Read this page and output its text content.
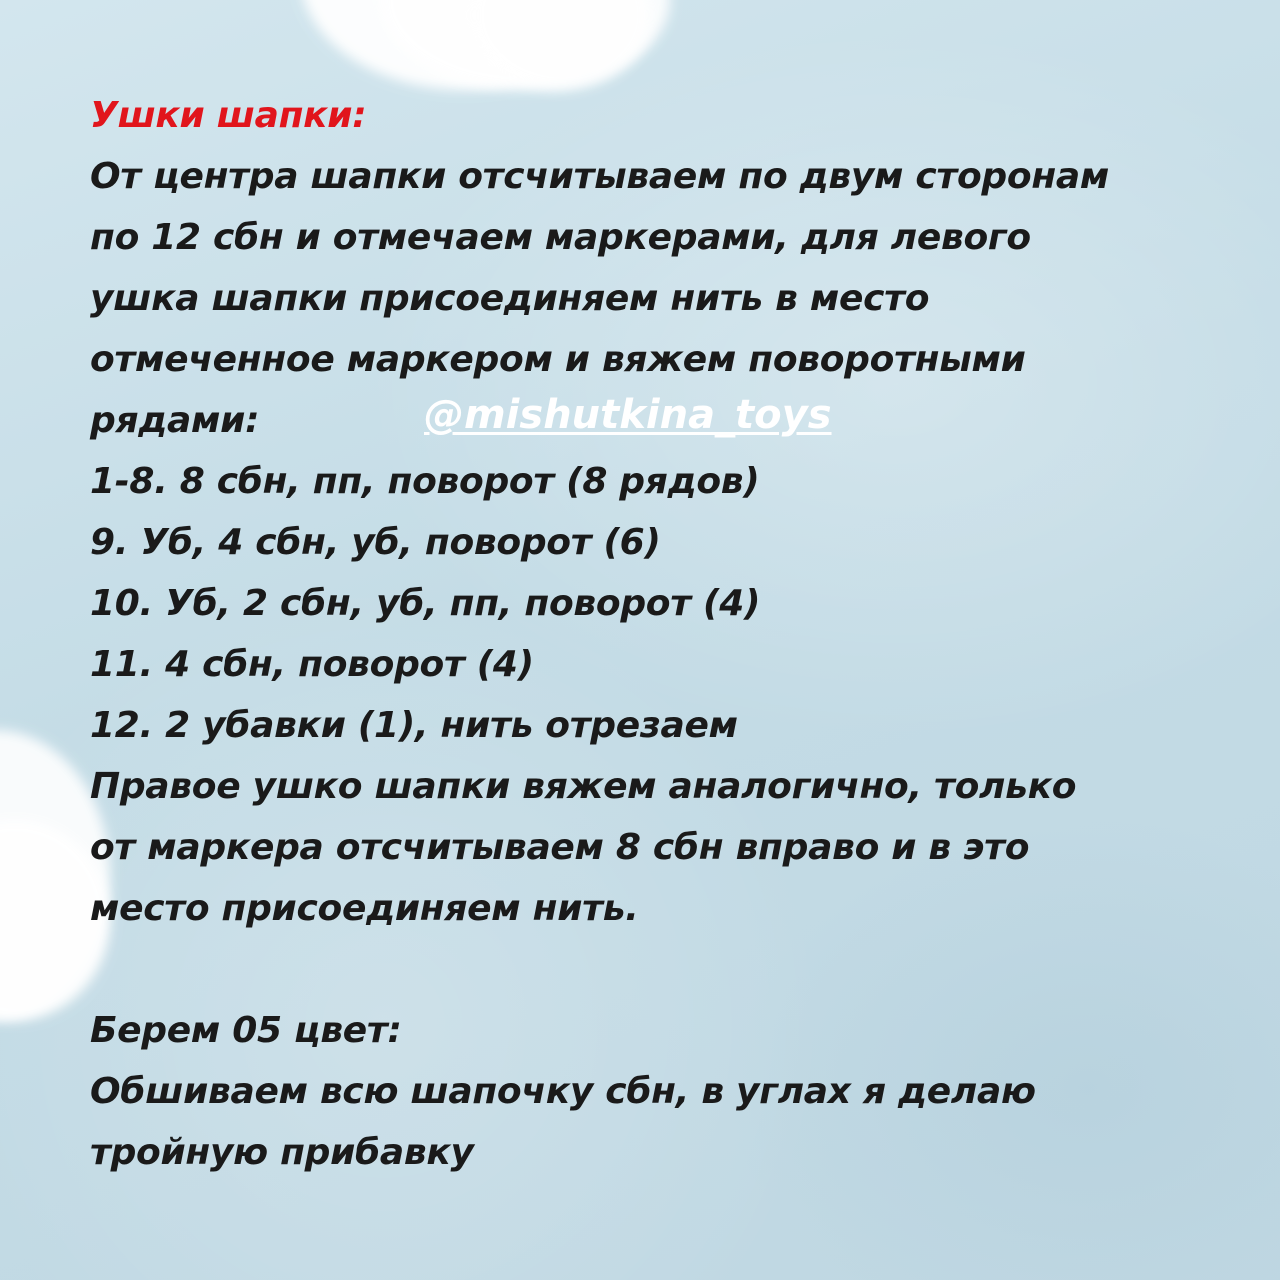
Ушки шапки:
От центра шапки отсчитываем по двум сторонам
по 12 сбн и отмечаем маркерами, для левого
ушка шапки присоединяем нить в место
отмеченное маркером и вяжем поворотными
рядами:
1-8. 8 сбн, пп, поворот (8 рядов)
9. Уб, 4 сбн, уб, поворот (6)
10. Уб, 2 сбн, уб, пп, поворот (4)
11. 4 сбн, поворот (4)
12. 2 убавки (1), нить отрезаем
Правое ушко шапки вяжем аналогично, только
от маркера отсчитываем 8 сбн вправо и в это
место присоединяем нить.
Берем 05 цвет:
Обшиваем всю шапочку сбн, в углах я делаю
тройную прибавку
@mishutkina_toys
